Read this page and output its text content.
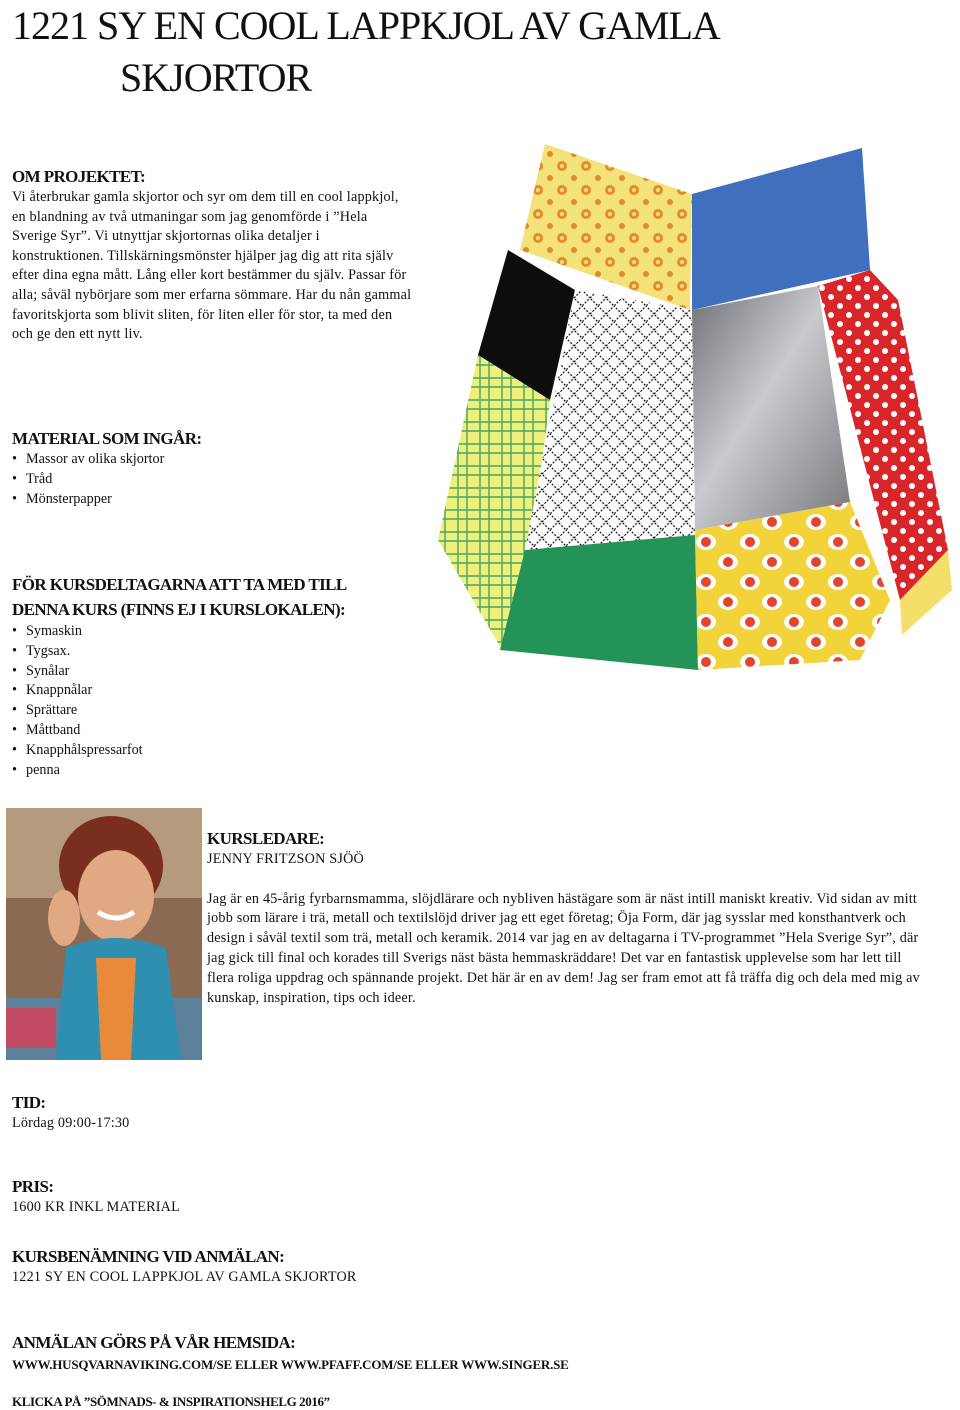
1221 SY EN COOL LAPPKJOL AV GAMLA
SKJORTOR
OM PROJEKTET:
Vi återbrukar gamla skjortor och syr om dem till en cool lappkjol, en blandning av två utmaningar som jag genomförde i ”Hela Sverige Syr”. Vi utnyttjar skjortornas olika detaljer i konstruktionen. Tillskärningsmönster hjälper jag dig att rita själv efter dina egna mått. Lång eller kort bestämmer du själv. Passar för alla; såväl nybörjare som mer erfarna sömmare. Har du nån gammal favoritskjorta som blivit sliten, för liten eller för stor, ta med den och ge den ett nytt liv.
MATERIAL SOM INGÅR:
• Massor av olika skjortor
• Tråd
• Mönsterpapper
FÖR KURSDELTAGARNA ATT TA MED TILL
DENNA KURS (FINNS EJ I KURSLOKALEN):
• Symaskin
• Tygsax.
• Synålar
• Knappnålar
• Sprättare
• Måttband
• Knapphålspressarfot
• penna
KURSLEDARE:
JENNY FRITZSON SJÖÖ
Jag är en 45-årig fyrbarnsmamma, slöjdlärare och nybliven hästägare som är näst intill maniskt kreativ. Vid sidan av mitt jobb som lärare i trä, metall och textilslöjd driver jag ett eget företag; Öja Form, där jag sysslar med konsthantverk och design i såväl textil som trä, metall och keramik. 2014 var jag en av deltagarna i TV-programmet ”Hela Sverige Syr”, där jag gick till final och korades till Sverigs näst bästa hemmaskräddare! Det var en fantastisk upplevelse som har lett till flera roliga uppdrag och spännande projekt. Det här är en av dem! Jag ser fram emot att få träffa dig och dela med mig av kunskap, inspiration, tips och ideer.
TID:
Lördag 09:00-17:30
PRIS:
1600 KR INKL MATERIAL
KURSBENÄMNING VID ANMÄLAN:
1221 SY EN COOL LAPPKJOL AV GAMLA SKJORTOR
ANMÄLAN GÖRS PÅ VÅR HEMSIDA:
WWW.HUSQVARNAVIKING.COM/SE ELLER WWW.PFAFF.COM/SE ELLER WWW.SINGER.SE
KLICKA PÅ ”SÖMNADS- & INSPIRATIONSHELG 2016”
